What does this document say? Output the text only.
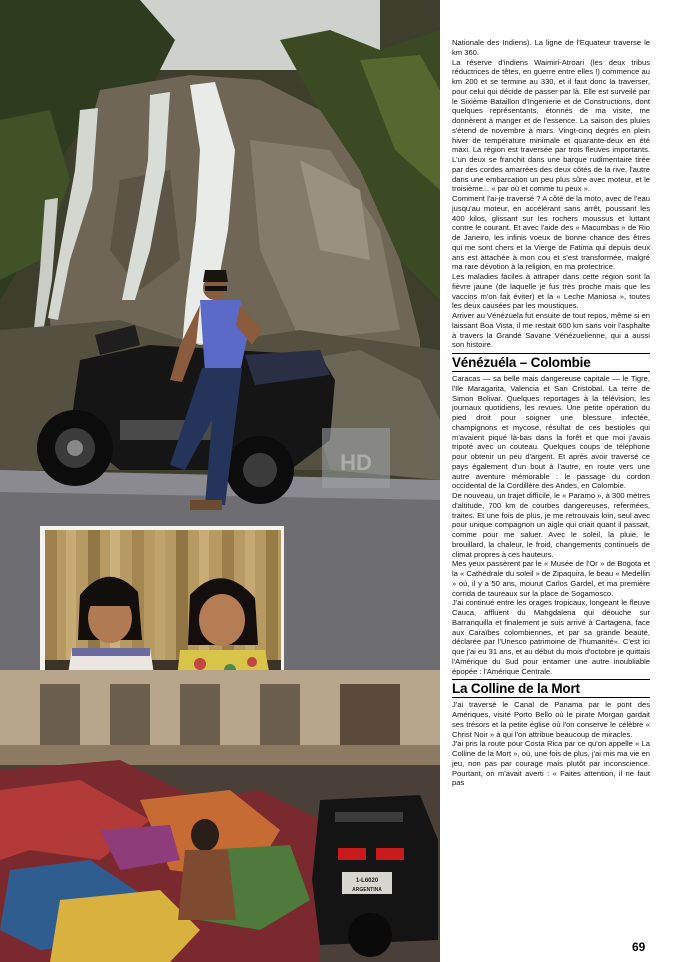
HD
1-L6020
ARGENTINA

Nationale des Indiens). La ligne de l'Equateur traverse le km 360.

La réserve d'indiens Waimiri-Atroari (les deux tribus réductrices de têtes, en guerre entre elles !) commence au km 200 et se termine au 330, et il faut donc la traverser, pour celui qui décide de passer par là. Elle est surveilé par le Sixième Bataillon d'Ingenierie et de Constructions, dont quelques représentants, étonnés de ma visite, me donnèrent à manger et de l'essence. La saison des pluies s'étend de novembre à mars. Vingt-cinq degrés en plein hiver de température minimale et quarante-deux en été maxi. La région est traversée par trois fleuves importants. L'un deux se franchit dans une barque rudimentaire tirée par des cordes amarrées des deux côtés de la rive, l'autre dans une embarcation un peu plus sûre avec moteur, et le troisième... « par où et comme tu peux ».

Comment l'ai-je traversé ? A côté de la moto, avec de l'eau jusqu'au moteur, en accélérant sans arrêt, poussant les 400 kilos, glissant sur les rochers moussus et luttant contre le courant. Et avec l'aide des « Macumbas » de Rio de Janeiro, les infinis voeux de bonne chance des êtres qui me sont chers et la Vierge de Fatima qui depuis deux ans est attachée à mon cou et s'est transformée, malgré ma rare dévotion à la religion, en ma protectrice.

Les maladies faciles à attraper dans cette région sont la fièvre jaune (de laquelle je fus très proche mais que les vaccins m'on fait éviter) et la « Leche Maniosa », toutes les deux causées par les moustiques.

Arriver au Vénézuela fut ensuite de tout repos, même si en laissant Boa Vista, il me restait 600 km sans voir l'asphalte à travers la Grandé Savane Vénézuelienne, qui a aussi son histoire.

Vénézuéla – Colombie

Caracas — sa belle mais dangereuse capitale — le Tigre, l'Ile Maragarita, Valencia et San Cristobal. La terre de Simon Bolivar. Quelques reportages à la télévision, les journaux quotidiens, les revues. Une petite opération du pied droit pour soigner une blessure infectée, champignons et mycose, résultat de ces bestioles qui m'avaient piqué là-bas dans la forêt et que moi j'avais tripoté avec un couteau. Quelques coups de téléphone pour obtenir un peu d'argent. Et après avoir traversé ce pays également d'un bout à l'autre, en route vers une autre aventure mémorable : le passage du cordon occidental de la Cordillère des Andes, en Colombie.

De nouveau, un trajet difficile, le « Paramo », à 300 mètres d'altitude, 700 km de courbes dangereuses, refermées, traites. Et une fois de plus, je me retrouvais loin, seul avec pour unique compagnon un aigle qui criait quant il passait, comme pour me saluer. Avec le soleil, la pluie, le brouillard, la chaleur, le froid, changements continuels de climat propres à ces hauteurs.

Mes yeux passèrent par le « Musée de l'Or » de Bogota et la « Cathédrale du soleil » de Zipaquira, le beau « Medellin » où, il y a 50 ans, mourut Carlos Gardel, et ma première corrida de taureaux sur la place de Sogamosco.

J'ai continué entre les orages tropicaux, longeant le fleuve Cauca, affluent du Mahgdalena qui déouche sur Barranquilla et finalement je suis arrivé à Cartagena, face aux Caraïbes colombiennes, et par sa grande beauté, déclarée par l'Unesco patrimoine de l'humanité». C'est ici que j'ai eu 31 ans, et au début du mois d'octobre je quittais l'Amérique du Sud pour entamer une autre inoubliable épopée : l'Amérique Centrale.

La Colline de la Mort

J'ai traversé le Canal de Panama par le pont des Amériques, visité Porto Bello où le pirate Morgan gardait ses trésors et la petite église où l'on conserve le célèbre « Christ Noir » à qui l'on attribue beaucoup de miracles.

J'ai pris la route pour Costa Rica par ce qu'on appelle « La Colline de la Mort », où, une fois de plus, j'ai mis ma vie en jeu, non pas par courage mais plutôt par inconscience. Pourtant, on m'avait averti : « Faites attention, il ne faut pas

69
